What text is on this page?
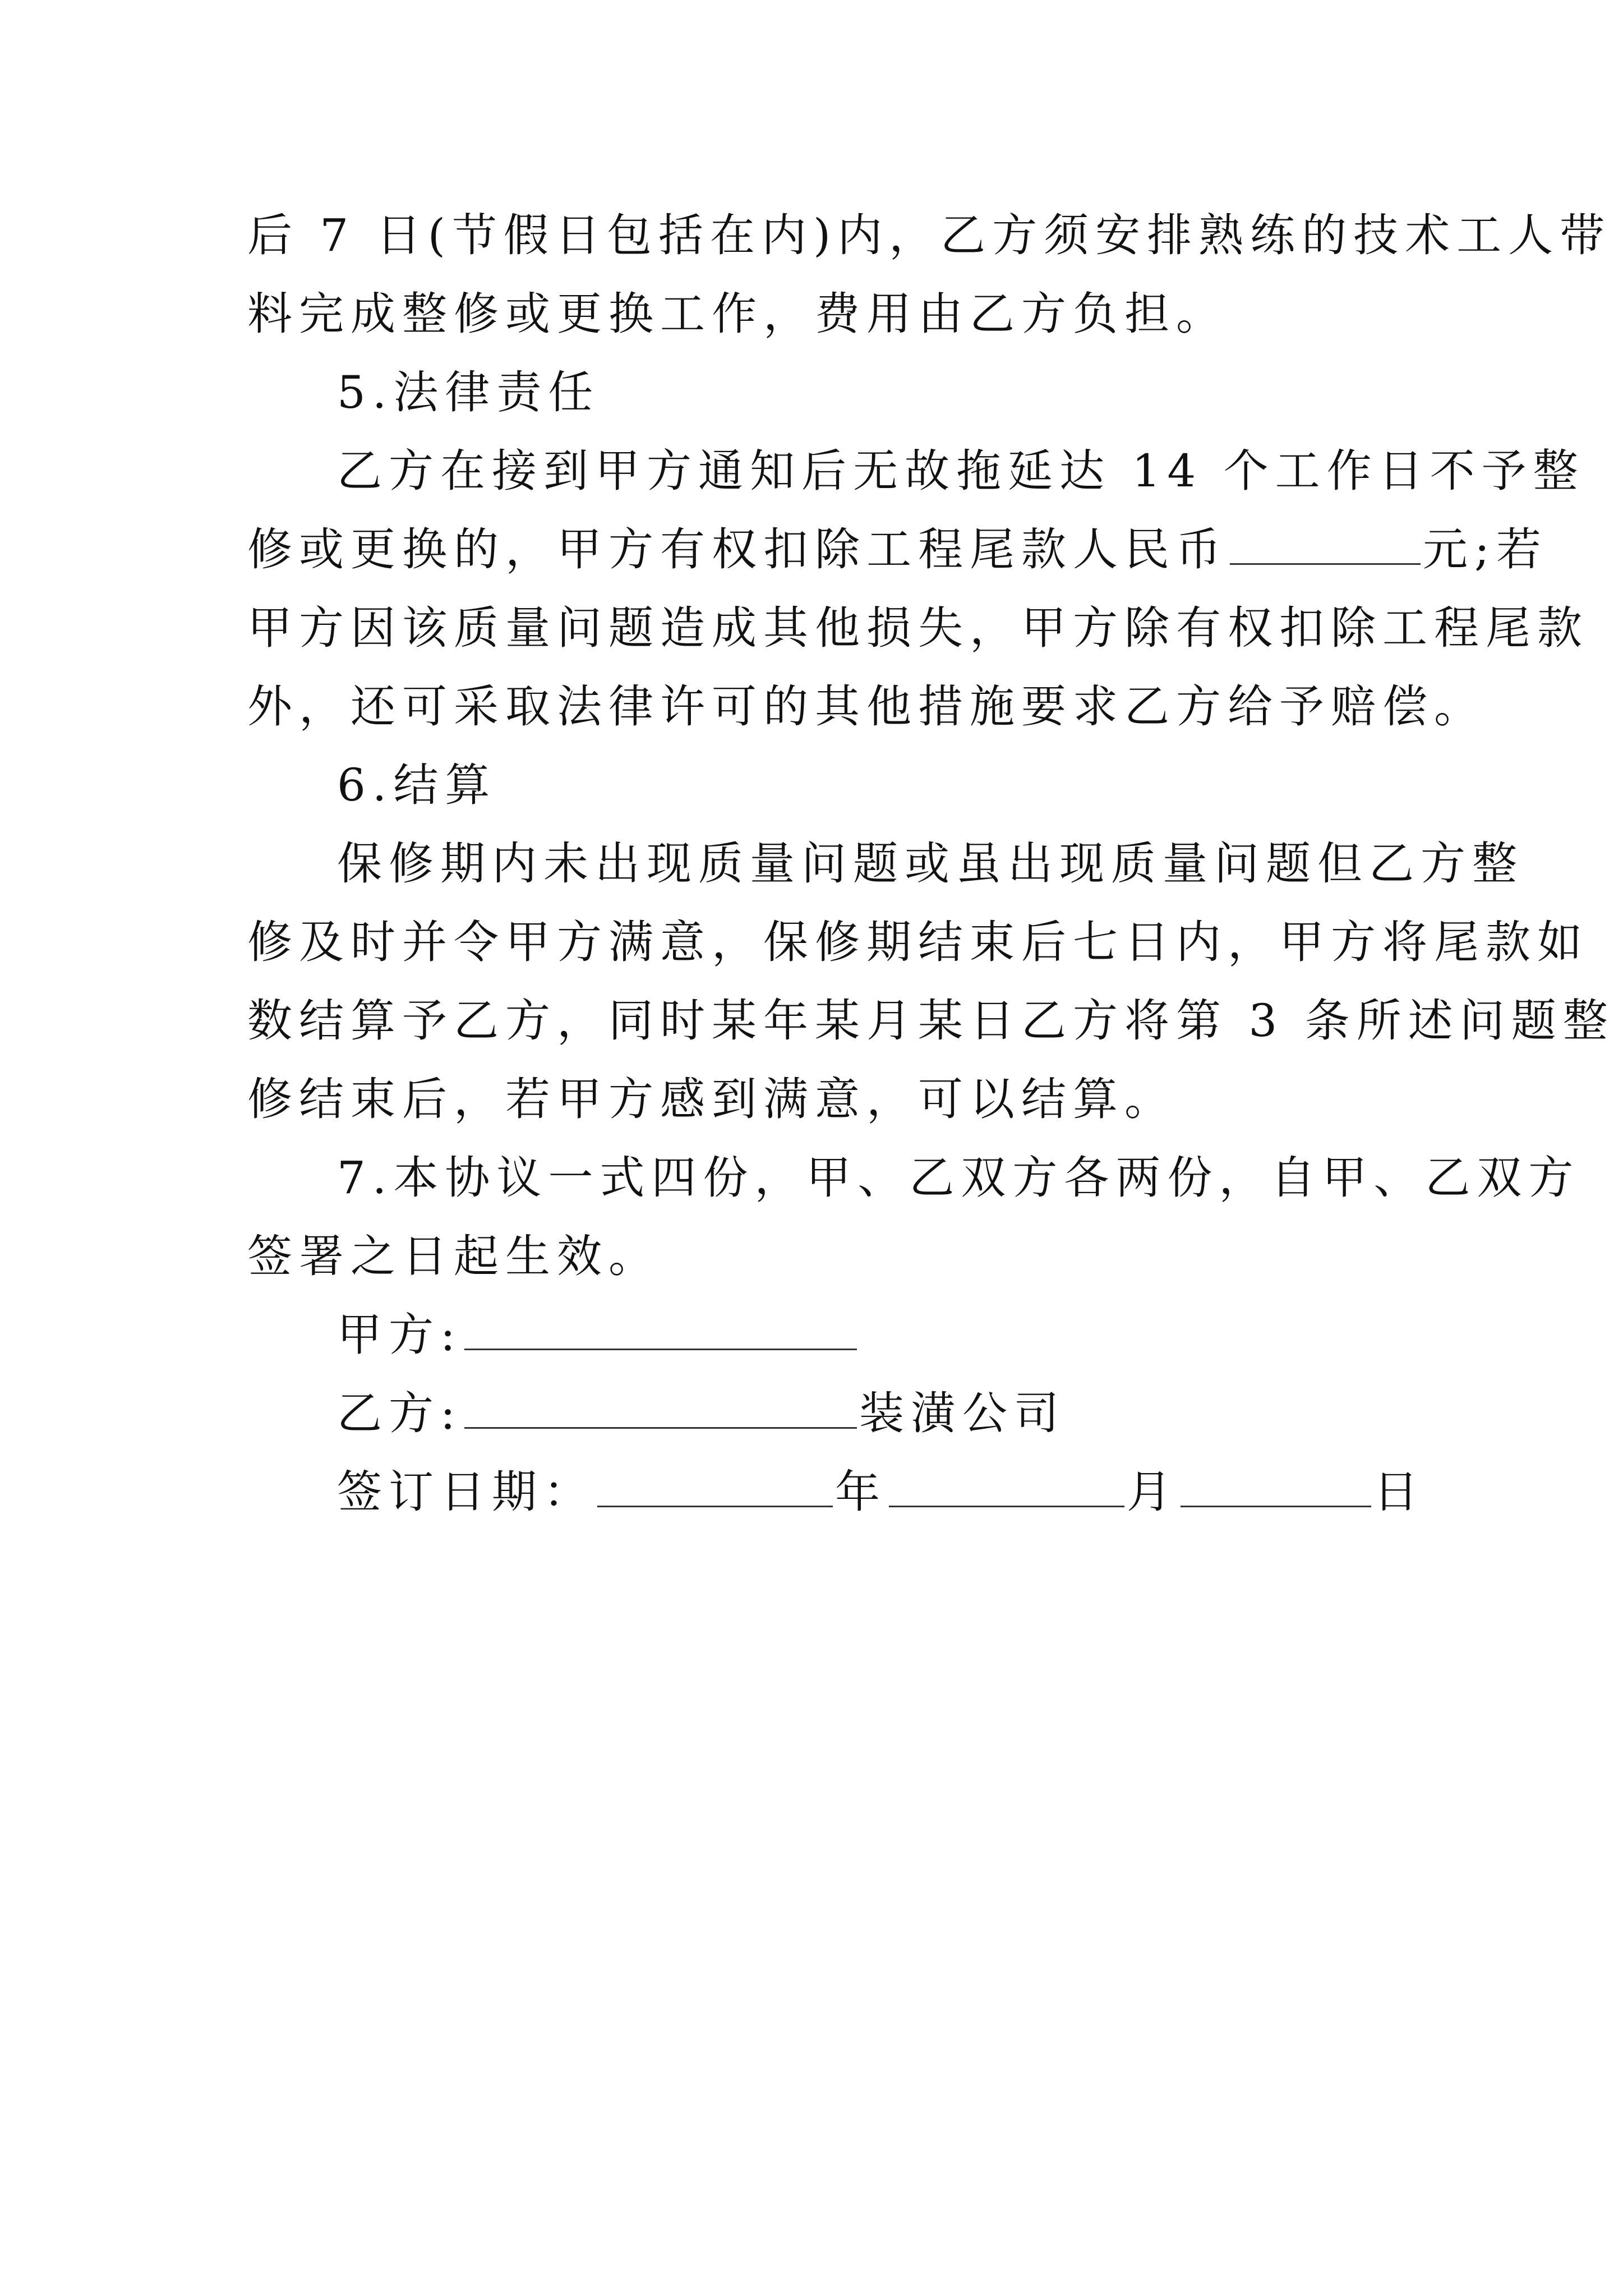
后 7 日(节假日包括在内)内，乙方须安排熟练的技术工人带
料完成整修或更换工作，费用由乙方负担。
5.法律责任
乙方在接到甲方通知后无故拖延达 14 个工作日不予整
修或更换的，甲方有权扣除工程尾款人民币	元;若
甲方因该质量问题造成其他损失，甲方除有权扣除工程尾款
外，还可采取法律许可的其他措施要求乙方给予赔偿。
6.结算
保修期内未出现质量问题或虽出现质量问题但乙方整
修及时并令甲方满意，保修期结束后七日内，甲方将尾款如
数结算予乙方，同时某年某月某日乙方将第 3 条所述问题整
修结束后，若甲方感到满意，可以结算。
7.本协议一式四份，甲、乙双方各两份，自甲、乙双方
签署之日起生效。
甲方:
乙方:	装潢公司
签订日期：	年	月	日
